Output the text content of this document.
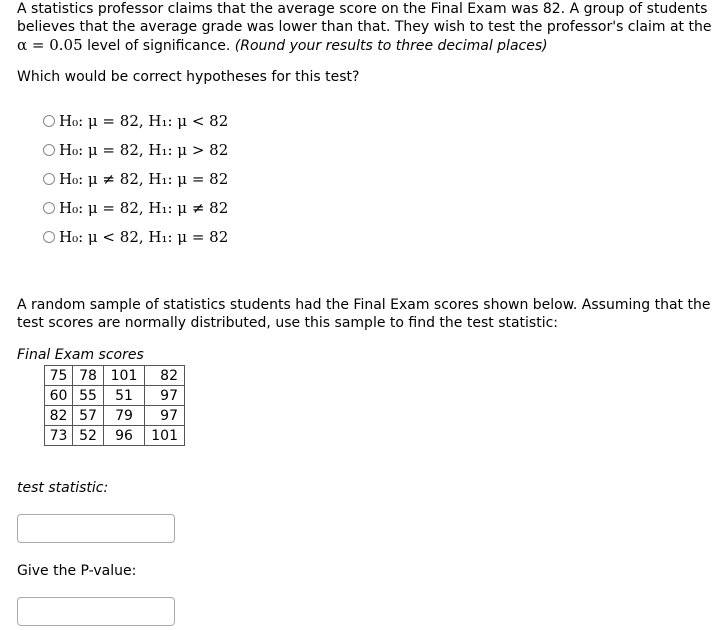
A statistics professor claims that the average score on the Final Exam was 82. A group of students believes that the average grade was lower than that. They wish to test the professor's claim at the α = 0.05 level of significance. (Round your results to three decimal places)

Which would be correct hypotheses for this test?

H₀: μ = 82, H₁: μ < 82
H₀: μ = 82, H₁: μ > 82
H₀: μ ≠ 82, H₁: μ = 82
H₀: μ = 82, H₁: μ ≠ 82
H₀: μ < 82, H₁: μ = 82

A random sample of statistics students had the Final Exam scores shown below. Assuming that the test scores are normally distributed, use this sample to find the test statistic:

Final Exam scores
75	78	101	82
60	55	51	97
82	57	79	97
73	52	96	101
test statistic:
Give the P-value:
